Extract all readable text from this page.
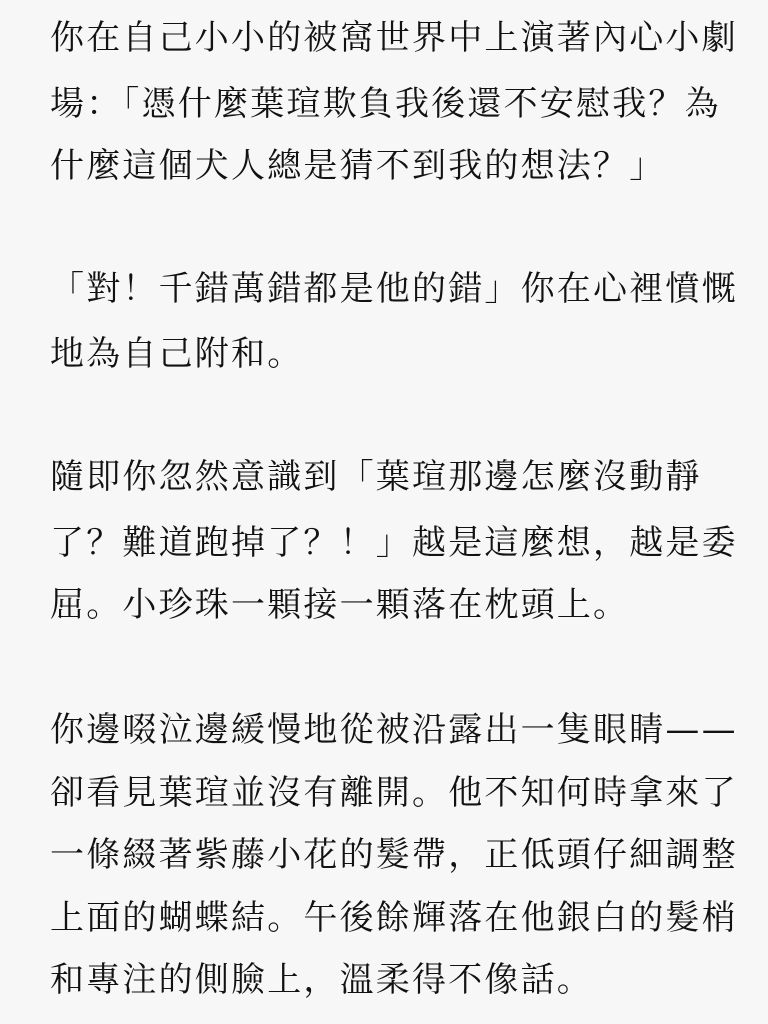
你在自己小小的被窩世界中上演著內心小劇

場：「憑什麼葉瑄欺負我後還不安慰我？為

什麼這個犬人總是猜不到我的想法？」

「對！千錯萬錯都是他的錯」你在心裡憤慨

地為自己附和。

隨即你忽然意識到「葉瑄那邊怎麼沒動靜

了？難道跑掉了？！」越是這麼想，越是委

屈。小珍珠一顆接一顆落在枕頭上。

你邊啜泣邊緩慢地從被沿露出一隻眼睛——

卻看見葉瑄並沒有離開。他不知何時拿來了

一條綴著紫藤小花的髮帶，正低頭仔細調整

上面的蝴蝶結。午後餘輝落在他銀白的髮梢

和專注的側臉上，溫柔得不像話。
